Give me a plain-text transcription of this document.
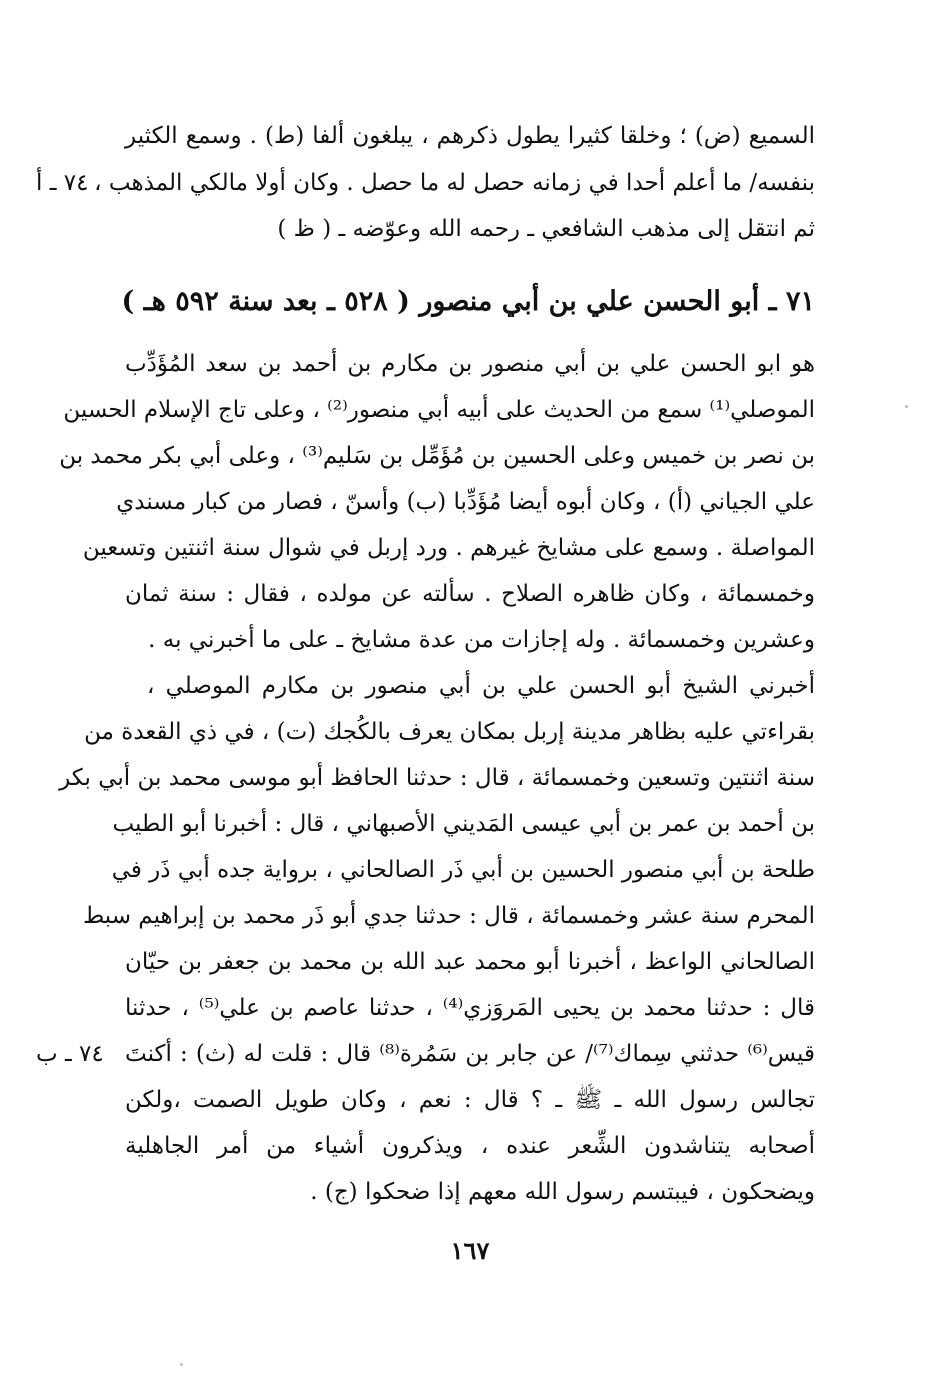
السميع (ض) ؛ وخلقا كثيرا يطول ذكرهم ، يبلغون ألفا (ط) . وسمع الكثير
بنفسه/ ما أعلم أحدا في زمانه حصل له ما حصل . وكان أولا مالكي المذهب ،
ثم انتقل إلى مذهب الشافعي ـ رحمه الله وعوّضه ـ ( ظ )
٧٤ ـ أ
٧١ ـ أبو الحسن علي بن أبي منصور ( ٥٢٨ ـ بعد سنة ٥٩٢ هـ )
هو ابو الحسن علي بن أبي منصور بن مكارم بن أحمد بن سعد المُؤَدِّب
الموصلي⁽¹⁾ سمع من الحديث على أبيه أبي منصور⁽²⁾ ، وعلى تاج الإسلام الحسين
بن نصر بن خميس وعلى الحسين بن مُؤَمِّل بن سَليم⁽³⁾ ، وعلى أبي بكر محمد بن
علي الجياني (أ) ، وكان أبوه أيضا مُؤَدِّبا (ب) وأسنّ ، فصار من كبار مسندي
المواصلة . وسمع على مشايخ غيرهم . ورد إربل في شوال سنة اثنتين وتسعين
وخمسمائة ، وكان ظاهره الصلاح . سألته عن مولده ، فقال : سنة ثمان
وعشرين وخمسمائة . وله إجازات من عدة مشايخ ـ على ما أخبرني به .
أخبرني الشيخ أبو الحسن علي بن أبي منصور بن مكارم الموصلي ،
بقراءتي عليه بظاهر مدينة إربل بمكان يعرف بالكُجك (ت) ، في ذي القعدة من
سنة اثنتين وتسعين وخمسمائة ، قال : حدثنا الحافظ أبو موسى محمد بن أبي بكر
بن أحمد بن عمر بن أبي عيسى المَديني الأصبهاني ، قال : أخبرنا أبو الطيب
طلحة بن أبي منصور الحسين بن أبي ذَر الصالحاني ، برواية جده أبي ذَر في
المحرم سنة عشر وخمسمائة ، قال : حدثنا جدي أبو ذَر محمد بن إبراهيم سبط
الصالحاني الواعظ ، أخبرنا أبو محمد عبد الله بن محمد بن جعفر بن حيّان
قال : حدثنا محمد بن يحيى المَروَزي⁽⁴⁾ ، حدثنا عاصم بن علي⁽⁵⁾ ، حدثنا
قيس⁽⁶⁾ حدثني سِماك⁽⁷⁾/ عن جابر بن سَمُرة⁽⁸⁾ قال : قلت له (ث) : أكنتَ
تجالس رسول الله ـ ﷺ ـ ؟ قال : نعم ، وكان طويل الصمت ،ولكن
أصحابه يتناشدون الشِّعر عنده ، ويذكرون أشياء من أمر الجاهلية
ويضحكون ، فيبتسم رسول الله معهم إذا ضحكوا (ج) .
٧٤ ـ ب
١٦٧
